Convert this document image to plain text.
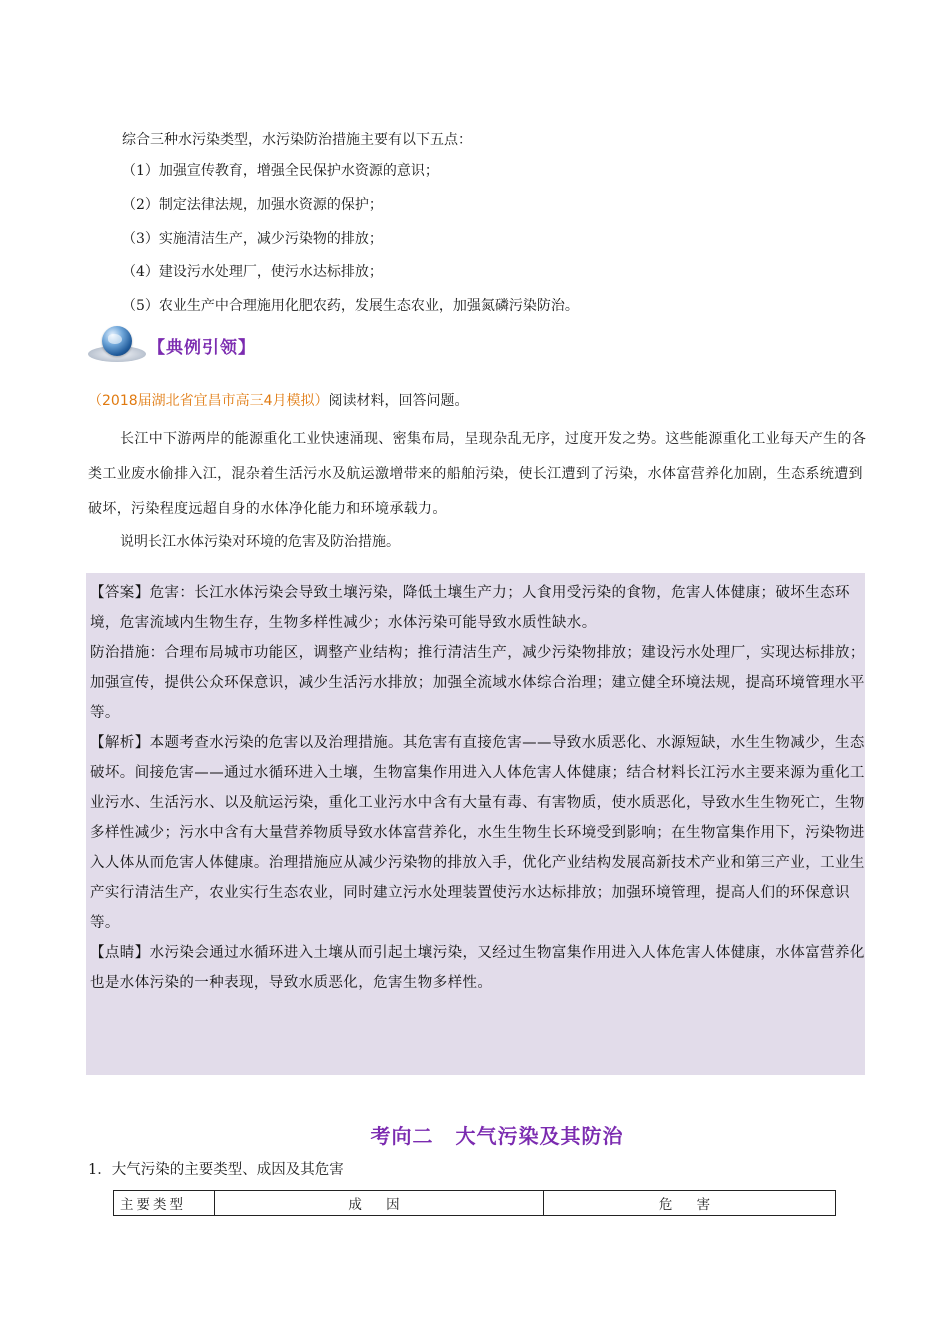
综合三种水污染类型，水污染防治措施主要有以下五点：
（1）加强宣传教育，增强全民保护水资源的意识；
（2）制定法律法规，加强水资源的保护；
（3）实施清洁生产，减少污染物的排放；
（4）建设污水处理厂，使污水达标排放；
（5）农业生产中合理施用化肥农药，发展生态农业，加强氮磷污染防治。
【典例引领】
（2018届湖北省宜昌市高三4月模拟）阅读材料，回答问题。
长江中下游两岸的能源重化工业快速涌现、密集布局，呈现杂乱无序，过度开发之势。这些能源重化工业每天产生的各类工业废水偷排入江，混杂着生活污水及航运激增带来的船舶污染，使长江遭到了污染，水体富营养化加剧，生态系统遭到破坏，污染程度远超自身的水体净化能力和环境承载力。
说明长江水体污染对环境的危害及防治措施。

【答案】危害：长江水体污染会导致土壤污染，降低土壤生产力；人食用受污染的食物，危害人体健康；破坏生态环境，危害流域内生物生存，生物多样性减少；水体污染可能导致水质性缺水。

防治措施：合理布局城市功能区，调整产业结构；推行清洁生产，减少污染物排放；建设污水处理厂，实现达标排放；加强宣传，提供公众环保意识，减少生活污水排放；加强全流域水体综合治理；建立健全环境法规，提高环境管理水平等。

【解析】本题考查水污染的危害以及治理措施。其危害有直接危害——导致水质恶化、水源短缺，水生生物减少，生态破坏。间接危害——通过水循环进入土壤，生物富集作用进入人体危害人体健康；结合材料长江污水主要来源为重化工业污水、生活污水、以及航运污染，重化工业污水中含有大量有毒、有害物质，使水质恶化，导致水生生物死亡，生物多样性减少；污水中含有大量营养物质导致水体富营养化，水生生物生长环境受到影响；在生物富集作用下，污染物进入人体从而危害人体健康。治理措施应从减少污染物的排放入手，优化产业结构发展高新技术产业和第三产业，工业生产实行清洁生产，农业实行生态农业，同时建立污水处理装置使污水达标排放；加强环境管理，提高人们的环保意识等。

【点睛】水污染会通过水循环进入土壤从而引起土壤污染，又经过生物富集作用进入人体危害人体健康，水体富营养化也是水体污染的一种表现，导致水质恶化，危害生物多样性。

考向二 大气污染及其防治
1．大气污染的主要类型、成因及其危害
主要类型	成 因	危 害
